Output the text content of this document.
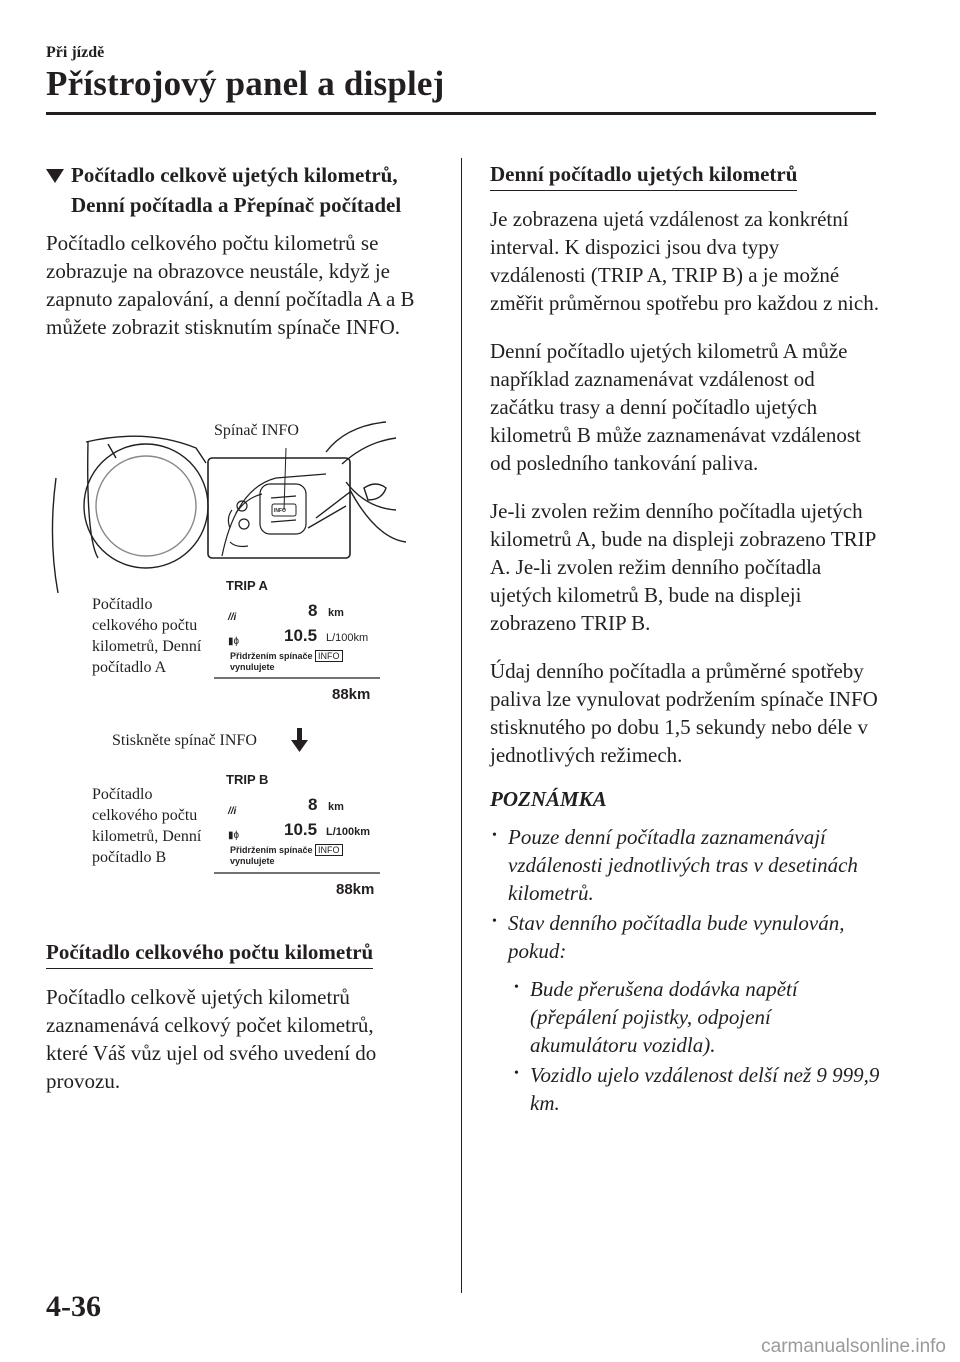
Při jízdě
Přístrojový panel a displej
Počítadlo celkově ujetých kilometrů, Denní počítadla a Přepínač počítadel

Počítadlo celkového počtu kilometrů se zobrazuje na obrazovce neustále, když je zapnuto zapalování, a denní počítadla A a B můžete zobrazit stisknutím spínače INFO.

//i
▮ɸ
//i
▮ɸ
Spínač INFO
INFO
Počítadlo celkového počtu kilometrů, Denní počítadlo A
TRIP A
8 km
10.5 L/100km
Přidržením spínače INFO
vynulujete
88km
Stiskněte spínač INFO
Počítadlo celkového počtu kilometrů, Denní počítadlo B
TRIP B
8 km
10.5 L/100km
Přidržením spínače INFO
vynulujete
88km
Počítadlo celkového počtu kilometrů

Počítadlo celkově ujetých kilometrů zaznamenává celkový počet kilometrů, které Váš vůz ujel od svého uvedení do provozu.

Denní počítadlo ujetých kilometrů

Je zobrazena ujetá vzdálenost za konkrétní interval. K dispozici jsou dva typy vzdálenosti (TRIP A, TRIP B) a je možné změřit průměrnou spotřebu pro každou z nich.

Denní počítadlo ujetých kilometrů A může například zaznamenávat vzdálenost od začátku trasy a denní počítadlo ujetých kilometrů B může zaznamenávat vzdálenost od posledního tankování paliva.

Je-li zvolen režim denního počítadla ujetých kilometrů A, bude na displeji zobrazeno TRIP A. Je-li zvolen režim denního počítadla ujetých kilometrů B, bude na displeji zobrazeno TRIP B.

Údaj denního počítadla a průměrné spotřeby paliva lze vynulovat podržením spínače INFO stisknutého po dobu 1,5 sekundy nebo déle v jednotlivých režimech.

POZNÁMKA

• Pouze denní počítadla zaznamenávají vzdálenosti jednotlivých tras v desetinách kilometrů.
• Stav denního počítadla bude vynulován, pokud:
• Bude přerušena dodávka napětí (přepálení pojistky, odpojení akumulátoru vozidla).
• Vozidlo ujelo vzdálenost delší než 9 999,9 km.
4-36
carmanualsonline.info
